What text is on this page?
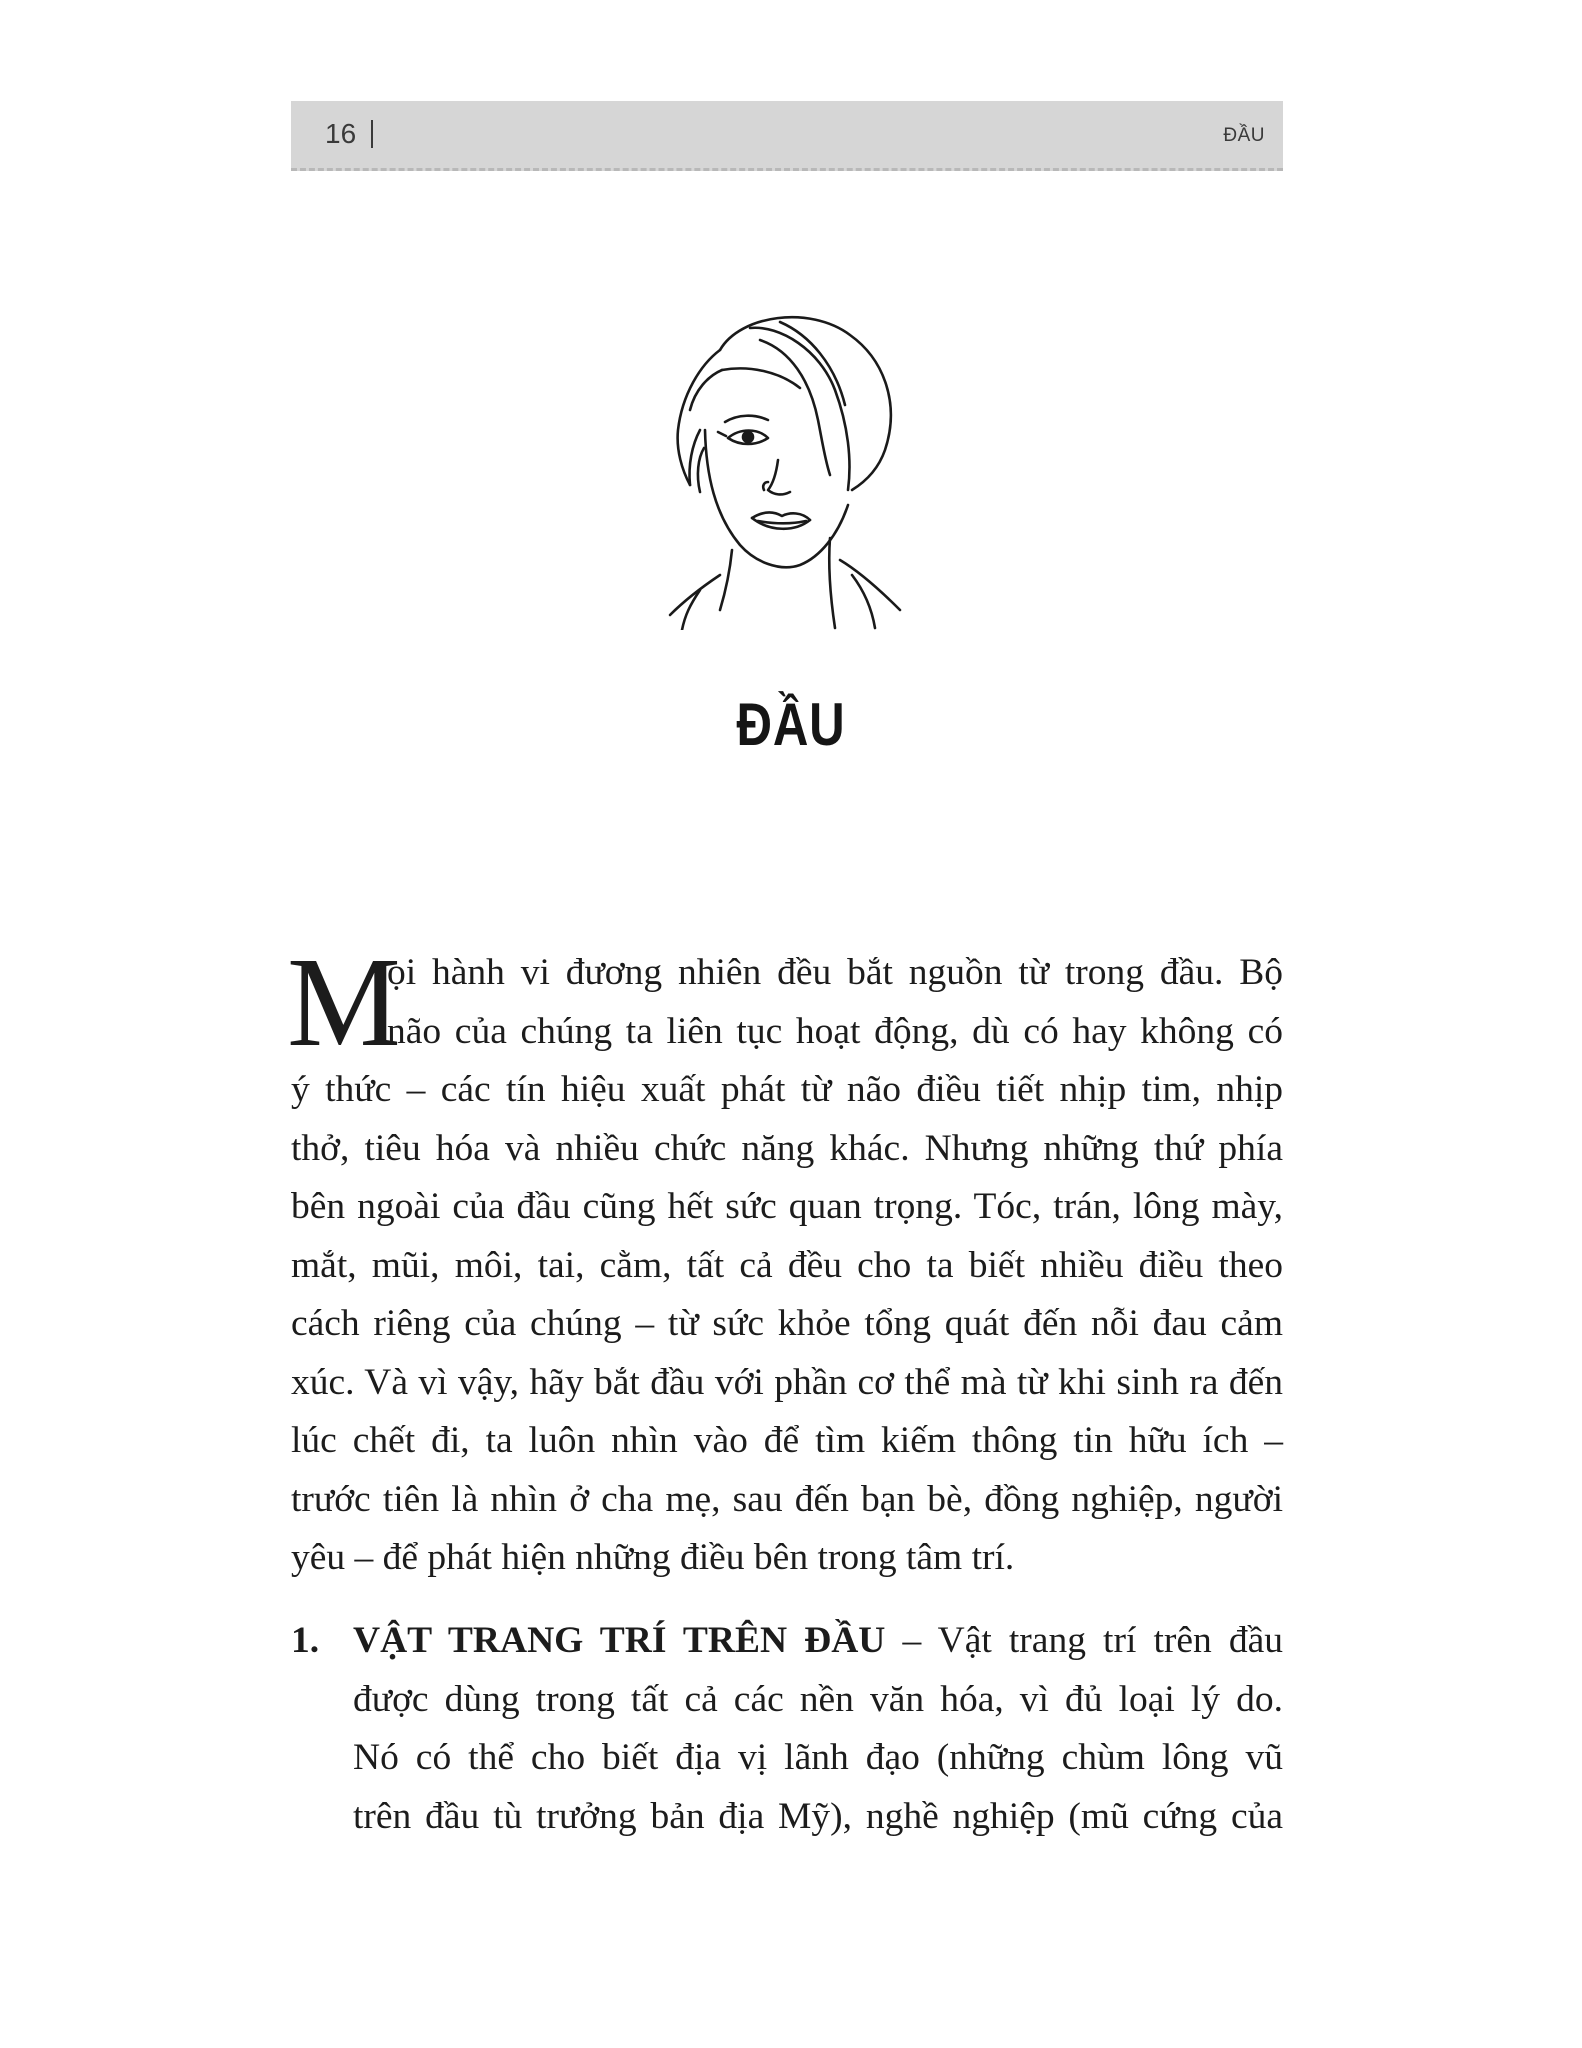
16	ĐẦU
ĐẦU
M
ọi hành vi đương nhiên đều bắt nguồn từ trong đầu. Bộ
não của chúng ta liên tục hoạt động, dù có hay không có
ý thức – các tín hiệu xuất phát từ não điều tiết nhịp tim, nhịp
thở, tiêu hóa và nhiều chức năng khác. Nhưng những thứ phía
bên ngoài của đầu cũng hết sức quan trọng. Tóc, trán, lông mày,
mắt, mũi, môi, tai, cằm, tất cả đều cho ta biết nhiều điều theo
cách riêng của chúng – từ sức khỏe tổng quát đến nỗi đau cảm
xúc. Và vì vậy, hãy bắt đầu với phần cơ thể mà từ khi sinh ra đến
lúc chết đi, ta luôn nhìn vào để tìm kiếm thông tin hữu ích –
trước tiên là nhìn ở cha mẹ, sau đến bạn bè, đồng nghiệp, người
yêu – để phát hiện những điều bên trong tâm trí.
1. VẬT TRANG TRÍ TRÊN ĐẦU – Vật trang trí trên đầu
được dùng trong tất cả các nền văn hóa, vì đủ loại lý do.
Nó có thể cho biết địa vị lãnh đạo (những chùm lông vũ
trên đầu tù trưởng bản địa Mỹ), nghề nghiệp (mũ cứng của
